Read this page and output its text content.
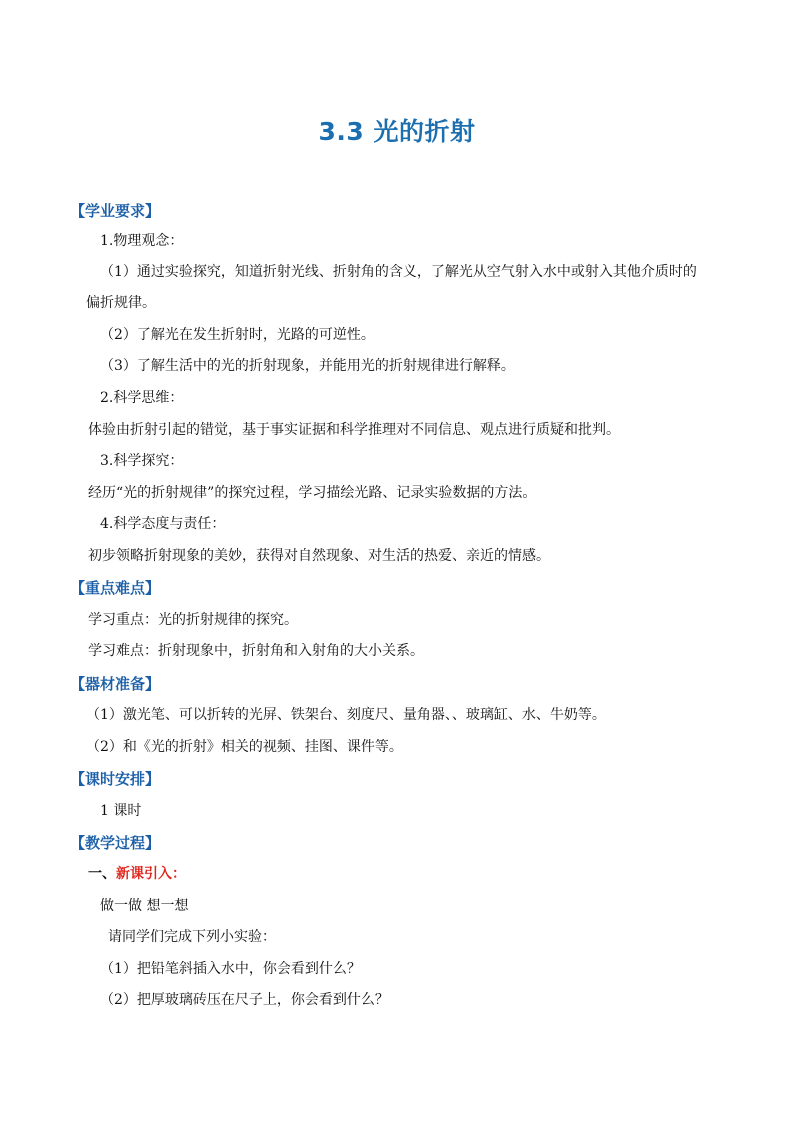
3.3 光的折射
【学业要求】
1.物理观念：
（1）通过实验探究，知道折射光线、折射角的含义，了解光从空气射入水中或射入其他介质时的
偏折规律。
（2）了解光在发生折射时，光路的可逆性。
（3）了解生活中的光的折射现象，并能用光的折射规律进行解释。
2.科学思维：
体验由折射引起的错觉，基于事实证据和科学推理对不同信息、观点进行质疑和批判。
3.科学探究：
经历“光的折射规律”的探究过程，学习描绘光路、记录实验数据的方法。
4.科学态度与责任：
初步领略折射现象的美妙，获得对自然现象、对生活的热爱、亲近的情感。
【重点难点】
学习重点：光的折射规律的探究。
学习难点：折射现象中，折射角和入射角的大小关系。
【器材准备】
（1）激光笔、可以折转的光屏、铁架台、刻度尺、量角器、、玻璃缸、水、牛奶等。
（2）和《光的折射》相关的视频、挂图、课件等。
【课时安排】
1 课时
【教学过程】
一、新课引入：
做一做 想一想
请同学们完成下列小实验：
（1）把铅笔斜插入水中，你会看到什么？
（2）把厚玻璃砖压在尺子上，你会看到什么？
